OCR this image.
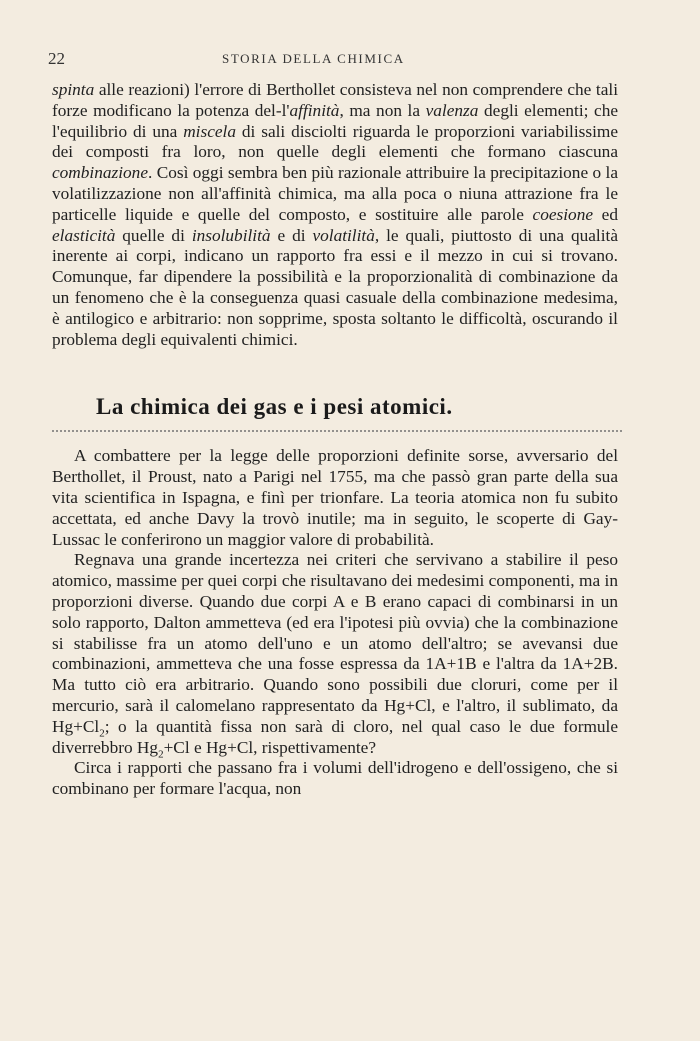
22	STORIA DELLA CHIMICA

spinta alle reazioni) l'errore di Berthollet consisteva nel non comprendere che tali forze modificano la potenza del-l'affinità, ma non la valenza degli elementi; che l'equilibrio di una miscela di sali disciolti riguarda le proporzioni variabilissime dei composti fra loro, non quelle degli elementi che formano ciascuna combinazione. Così oggi sembra ben più razionale attribuire la precipitazione o la volatilizzazione non all'affinità chimica, ma alla poca o niuna attrazione fra le particelle liquide e quelle del composto, e sostituire alle parole coesione ed elasticità quelle di insolubilità e di volatilità, le quali, piuttosto di una qualità inerente ai corpi, indicano un rapporto fra essi e il mezzo in cui si trovano. Comunque, far dipendere la possibilità e la proporzionalità di combinazione da un fenomeno che è la conseguenza quasi casuale della combinazione medesima, è antilogico e arbitrario: non sopprime, sposta soltanto le difficoltà, oscurando il problema degli equivalenti chimici.

La chimica dei gas e i pesi atomici.

A combattere per la legge delle proporzioni definite sorse, avversario del Berthollet, il Proust, nato a Parigi nel 1755, ma che passò gran parte della sua vita scientifica in Ispagna, e finì per trionfare. La teoria atomica non fu subito accettata, ed anche Davy la trovò inutile; ma in seguito, le scoperte di Gay-Lussac le conferirono un maggior valore di probabilità.

Regnava una grande incertezza nei criteri che servivano a stabilire il peso atomico, massime per quei corpi che risultavano dei medesimi componenti, ma in proporzioni diverse. Quando due corpi A e B erano capaci di combinarsi in un solo rapporto, Dalton ammetteva (ed era l'ipotesi più ovvia) che la combinazione si stabilisse fra un atomo dell'uno e un atomo dell'altro; se avevansi due combinazioni, ammetteva che una fosse espressa da 1A+1B e l'altra da 1A+2B. Ma tutto ciò era arbitrario. Quando sono possibili due cloruri, come per il mercurio, sarà il calomelano rappresentato da Hg+Cl, e l'altro, il sublimato, da $Hg+Cl_2$; o la quantità fissa non sarà di cloro, nel qual caso le due formule diverrebbro $Hg_2+Cl$ e Hg+Cl, rispettivamente?

Circa i rapporti che passano fra i volumi dell'idrogeno e dell'ossigeno, che si combinano per formare l'acqua, non
